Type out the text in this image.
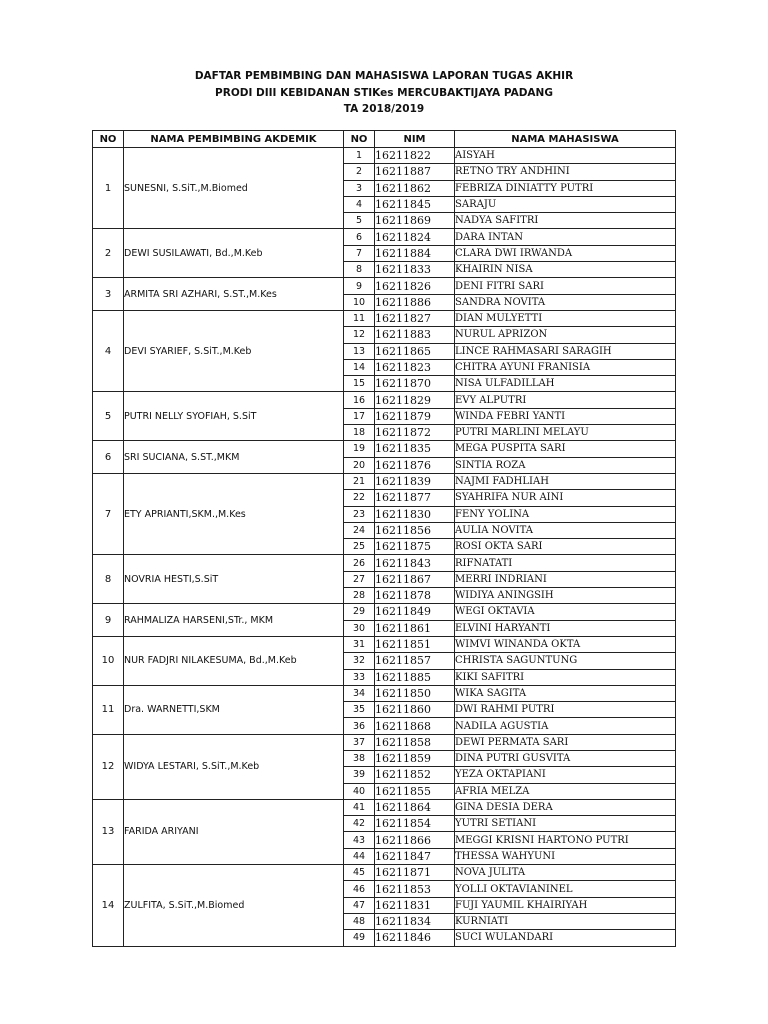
DAFTAR PEMBIMBING DAN MAHASISWA LAPORAN TUGAS AKHIR
PRODI DIII KEBIDANAN STIKes MERCUBAKTIJAYA PADANG
TA 2018/2019
NO	NAMA PEMBIMBING AKDEMIK	NO	NIM	NAMA MAHASISWA
1	SUNESNI, S.SiT.,M.Biomed	1	16211822	AISYAH
		2	16211887	RETNO TRY ANDHINI
		3	16211862	FEBRIZA DINIATTY PUTRI
		4	16211845	SARAJU
		5	16211869	NADYA SAFITRI
2	DEWI SUSILAWATI, Bd.,M.Keb	6	16211824	DARA INTAN
		7	16211884	CLARA DWI IRWANDA
		8	16211833	KHAIRIN NISA
3	ARMITA SRI AZHARI, S.ST.,M.Kes	9	16211826	DENI FITRI SARI
		10	16211886	SANDRA NOVITA
4	DEVI SYARIEF, S.SiT.,M.Keb	11	16211827	DIAN MULYETTI
		12	16211883	NURUL APRIZON
		13	16211865	LINCE RAHMASARI SARAGIH
		14	16211823	CHITRA AYUNI FRANISIA
		15	16211870	NISA ULFADILLAH
5	PUTRI NELLY SYOFIAH, S.SiT	16	16211829	EVY ALPUTRI
		17	16211879	WINDA FEBRI YANTI
		18	16211872	PUTRI MARLINI MELAYU
6	SRI SUCIANA, S.ST.,MKM	19	16211835	MEGA PUSPITA SARI
		20	16211876	SINTIA ROZA
7	ETY APRIANTI,SKM.,M.Kes	21	16211839	NAJMI FADHLIAH
		22	16211877	SYAHRIFA NUR AINI
		23	16211830	FENY YOLINA
		24	16211856	AULIA NOVITA
		25	16211875	ROSI OKTA SARI
8	NOVRIA HESTI,S.SiT	26	16211843	RIFNATATI
		27	16211867	MERRI INDRIANI
		28	16211878	WIDIYA ANINGSIH
9	RAHMALIZA HARSENI,STr., MKM	29	16211849	WEGI OKTAVIA
		30	16211861	ELVINI HARYANTI
10	NUR FADJRI NILAKESUMA, Bd.,M.Keb	31	16211851	WIMVI WINANDA OKTA
		32	16211857	CHRISTA SAGUNTUNG
		33	16211885	KIKI SAFITRI
11	Dra. WARNETTI,SKM	34	16211850	WIKA SAGITA
		35	16211860	DWI RAHMI PUTRI
		36	16211868	NADILA AGUSTIA
12	WIDYA LESTARI, S.SiT.,M.Keb	37	16211858	DEWI PERMATA SARI
		38	16211859	DINA PUTRI GUSVITA
		39	16211852	YEZA OKTAPIANI
		40	16211855	AFRIA MELZA
13	FARIDA ARIYANI	41	16211864	GINA DESIA DERA
		42	16211854	YUTRI SETIANI
		43	16211866	MEGGI KRISNI HARTONO PUTRI
		44	16211847	THESSA WAHYUNI
14	ZULFITA, S.SiT.,M.Biomed	45	16211871	NOVA JULITA
		46	16211853	YOLLI OKTAVIANINEL
		47	16211831	FUJI YAUMIL KHAIRIYAH
		48	16211834	KURNIATI
		49	16211846	SUCI WULANDARI
